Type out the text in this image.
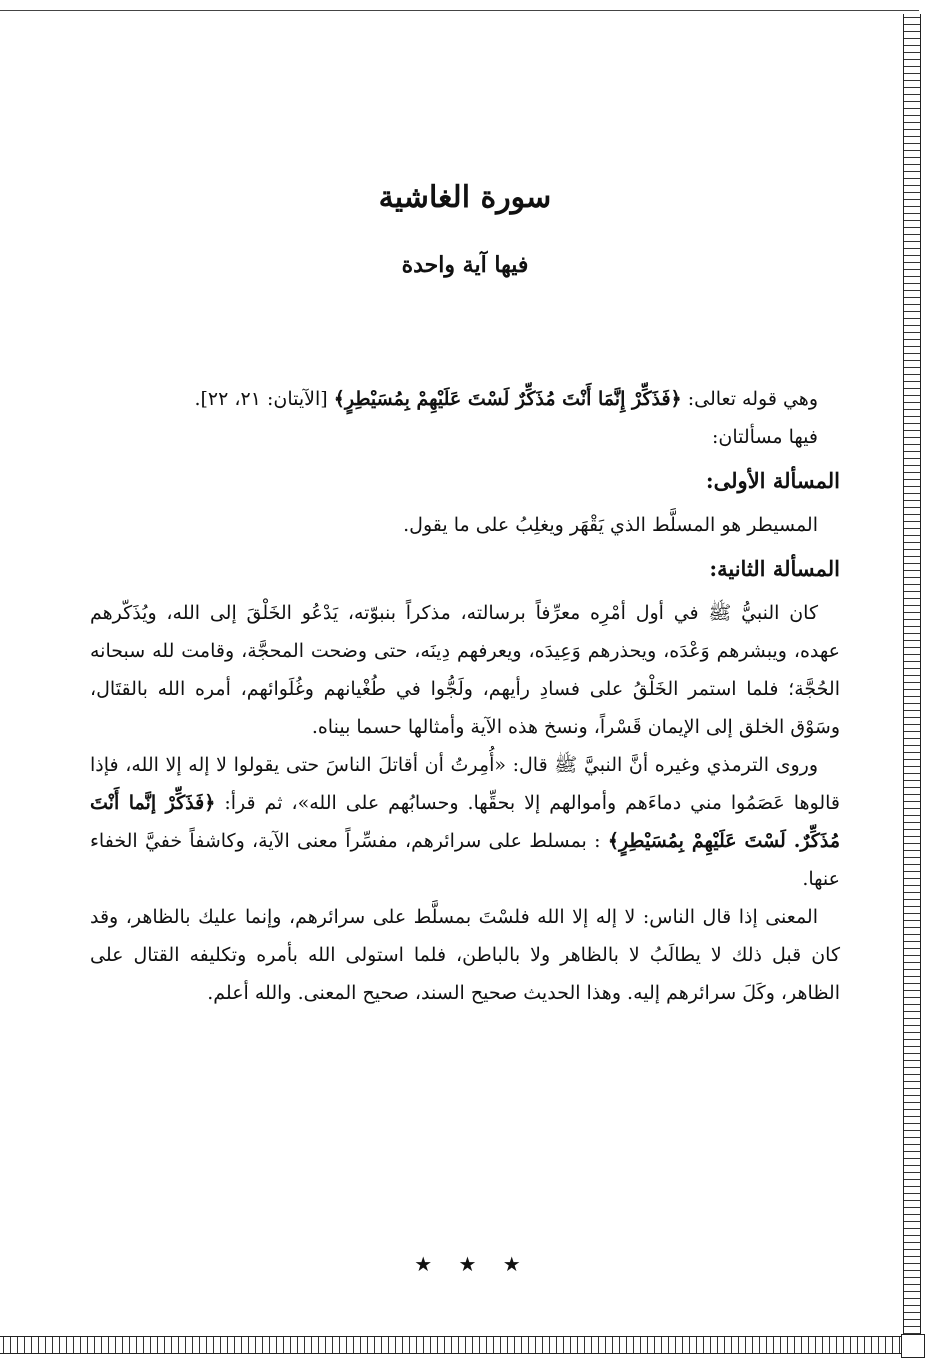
سورة الغاشية
فيها آية واحدة

وهي قوله تعالى: ﴿فَذَكِّرْ إِنَّمَا أَنْتَ مُذَكِّرٌ لَسْتَ عَلَيْهِمْ بِمُسَيْطِرٍ﴾ [الآيتان: ٢١، ٢٢].

فيها مسألتان:

المسألة الأولى:

المسيطر هو المسلَّط الذي يَقْهَر ويغلِبُ على ما يقول.

المسألة الثانية:

كان النبيُّ ﷺ في أول أمْرِه معرِّفاً برسالته، مذكراً بنبوّته، يَدْعُو الخَلْقَ إلى الله، ويُذَكّرهم عهده، ويبشرهم وَعْدَه، ويحذرهم وَعِيدَه، ويعرفهم دِينَه، حتى وضحت المحجَّة، وقامت لله سبحانه الحُجَّة؛ فلما استمر الخَلْقُ على فسادِ رأيهم، ولَجُّوا في طُغْيانهم وغُلَوائهم، أمره الله بالقتَال، وسَوْق الخلق إلى الإيمان قَسْراً، ونسخ هذه الآية وأمثالها حسما بيناه.

وروى الترمذي وغيره أنَّ النبيَّ ﷺ قال: «أُمِرتُ أن أقاتلَ الناسَ حتى يقولوا لا إله إلا الله، فإذا قالوها عَصَمُوا مني دماءَهم وأموالهم إلا بحقِّها. وحسابُهم على الله»، ثم قرأ: ﴿فَذَكِّرْ إنَّما أَنْتَ مُذَكِّرٌ. لَسْتَ عَلَيْهِمْ بِمُسَيْطِرٍ﴾ : بمسلط على سرائرهم، مفسِّراً معنى الآية، وكاشفاً خفيَّ الخفاء عنها.

المعنى إذا قال الناس: لا إله إلا الله فلسْتَ بمسلَّط على سرائرهم، وإنما عليك بالظاهر، وقد كان قبل ذلك لا يطالَبُ لا بالظاهر ولا بالباطن، فلما استولى الله بأمره وتكليفه القتال على الظاهر، وكَلَ سرائرهم إليه. وهذا الحديث صحيح السند، صحيح المعنى. والله أعلم.

★ ★ ★
